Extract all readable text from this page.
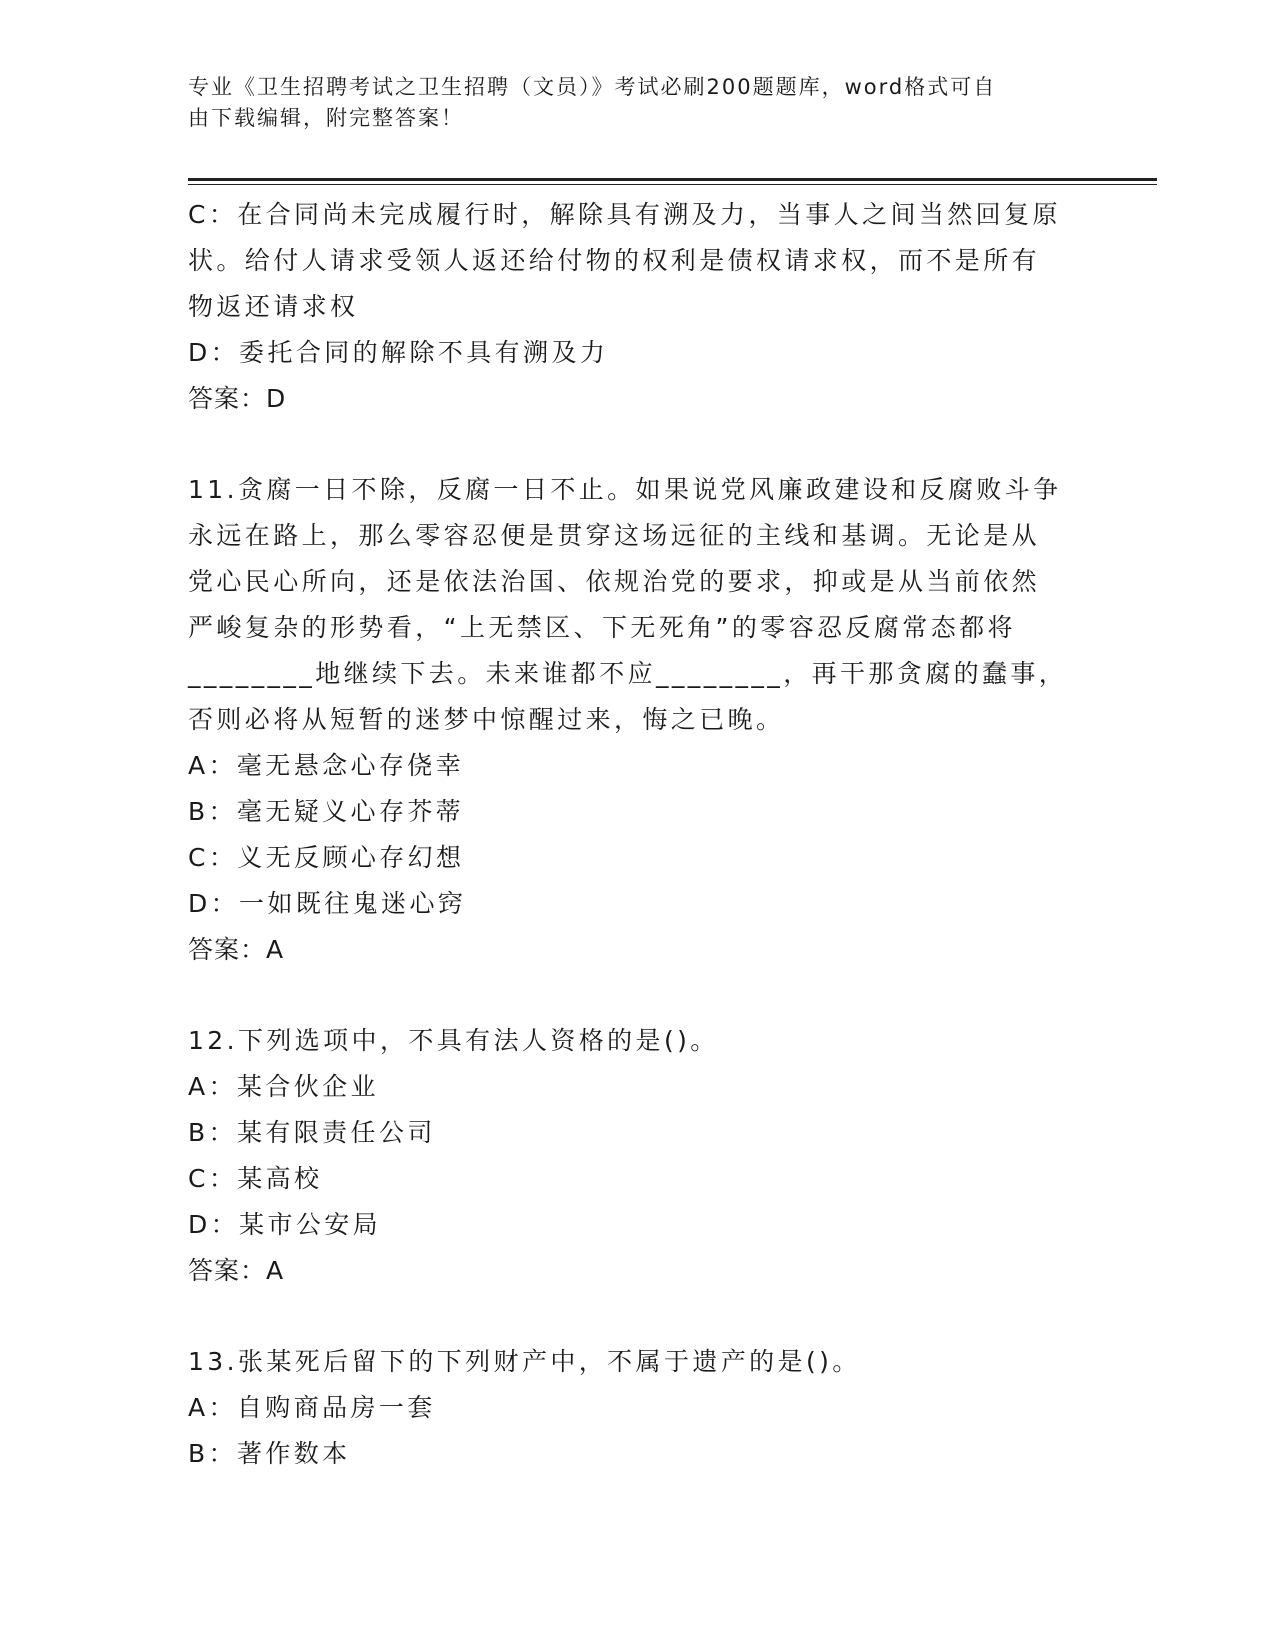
专业《卫生招聘考试之卫生招聘（文员）》考试必刷200题题库，word格式可自
由下载编辑，附完整答案！
C：在合同尚未完成履行时，解除具有溯及力，当事人之间当然回复原
状。给付人请求受领人返还给付物的权利是债权请求权，而不是所有
物返还请求权
D：委托合同的解除不具有溯及力
答案：D
11.贪腐一日不除，反腐一日不止。如果说党风廉政建设和反腐败斗争
永远在路上，那么零容忍便是贯穿这场远征的主线和基调。无论是从
党心民心所向，还是依法治国、依规治党的要求，抑或是从当前依然
严峻复杂的形势看，“上无禁区、下无死角”的零容忍反腐常态都将
________地继续下去。未来谁都不应________，再干那贪腐的蠢事，
否则必将从短暂的迷梦中惊醒过来，悔之已晚。
A：毫无悬念心存侥幸
B：毫无疑义心存芥蒂
C：义无反顾心存幻想
D：一如既往鬼迷心窍
答案：A
12.下列选项中，不具有法人资格的是()。
A：某合伙企业
B：某有限责任公司
C：某高校
D：某市公安局
答案：A
13.张某死后留下的下列财产中，不属于遗产的是()。
A：自购商品房一套
B：著作数本
